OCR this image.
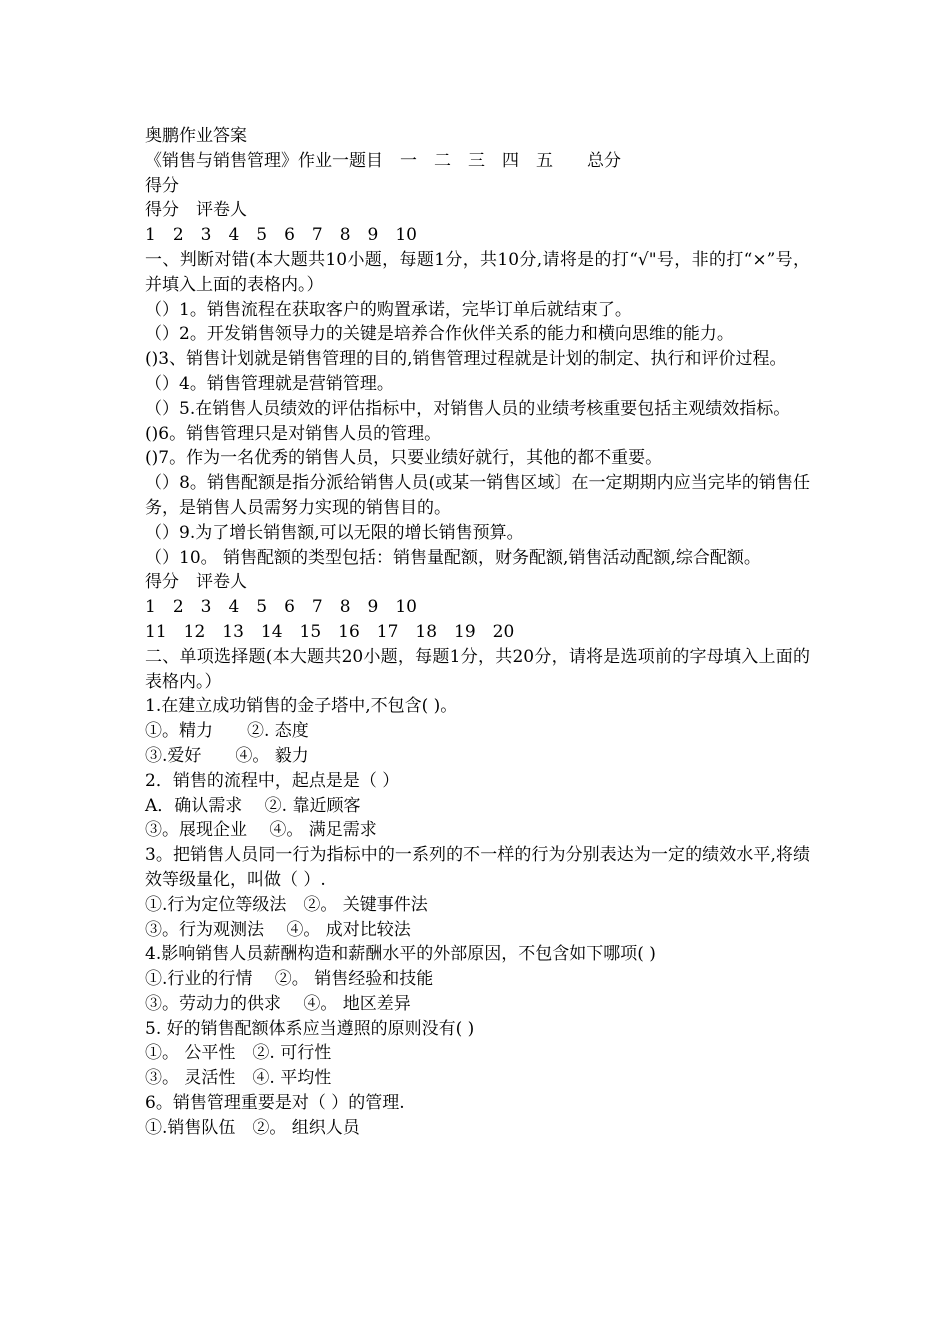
奥鹏作业答案
《销售与销售管理》作业一题目　一　二　三　四　五　　总分
得分
得分　评卷人
1　2　3　4　5　6　7　8　9　10
一、判断对错(本大题共10小题，每题1分，共10分,请将是的打“√"号，非的打“×”号，并填入上面的表格内。）
（）1。销售流程在获取客户的购置承诺，完毕订单后就结束了。
（）2。开发销售领导力的关键是培养合作伙伴关系的能力和横向思维的能力。
()3、销售计划就是销售管理的目的,销售管理过程就是计划的制定、执行和评价过程。
（）4。销售管理就是营销管理。
（）5.在销售人员绩效的评估指标中，对销售人员的业绩考核重要包括主观绩效指标。
()6。销售管理只是对销售人员的管理。
()7。作为一名优秀的销售人员，只要业绩好就行，其他的都不重要。
（）8。销售配额是指分派给销售人员(或某一销售区域〕在一定期期内应当完毕的销售任务，是销售人员需努力实现的销售目的。
（）9.为了增长销售额,可以无限的增长销售预算。
（）10。 销售配额的类型包括：销售量配额，财务配额,销售活动配额,综合配额。
得分　评卷人
1　2　3　4　5　6　7　8　9　10
11　12　13　14　15　16　17　18　19　20
二、单项选择题(本大题共20小题，每题1分，共20分，请将是选项前的字母填入上面的表格内。）
1.在建立成功销售的金子塔中,不包含( )。
①。精力　　②. 态度
③.爱好　　④。 毅力
2．销售的流程中，起点是是（ ）
A．确认需求　 ②. 靠近顾客
③。展现企业　 ④。 满足需求
3。把销售人员同一行为指标中的一系列的不一样的行为分别表达为一定的绩效水平,将绩效等级量化，叫做（ ）.
①.行为定位等级法　②。 关键事件法
③。行为观测法　 ④。 成对比较法
4.影响销售人员薪酬构造和薪酬水平的外部原因，不包含如下哪项( )
①.行业的行情　 ②。 销售经验和技能
③。劳动力的供求　 ④。 地区差异
5. 好的销售配额体系应当遵照的原则没有( )
①。 公平性　②. 可行性
③。 灵活性　④. 平均性
6。销售管理重要是对（ ）的管理.
①.销售队伍　②。 组织人员
